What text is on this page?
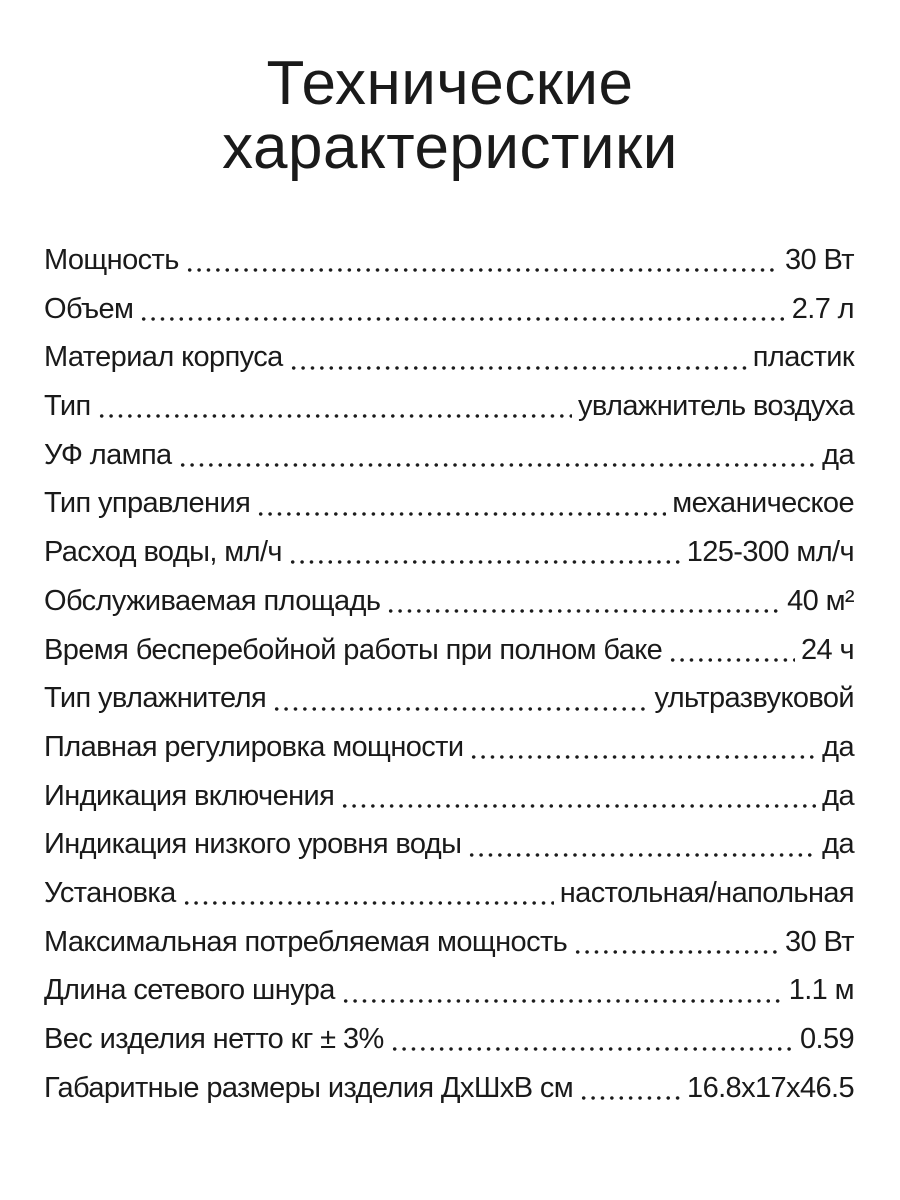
Технические
характеристики
Мощность	30 Вт
Объем	2.7 л
Материал корпуса	пластик
Тип	увлажнитель воздуха
УФ лампа	да
Тип управления	механическое
Расход воды, мл/ч	125-300 мл/ч
Обслуживаемая площадь	40 м²
Время бесперебойной работы при полном баке	24 ч
Тип увлажнителя	ультразвуковой
Плавная регулировка мощности	да
Индикация включения	да
Индикация низкого уровня воды	да
Установка	настольная/напольная
Максимальная потребляемая мощность	30 Вт
Длина сетевого шнура	1.1 м
Вес изделия нетто кг ± 3%	0.59
Габаритные размеры изделия ДхШхВ см	16.8х17х46.5
